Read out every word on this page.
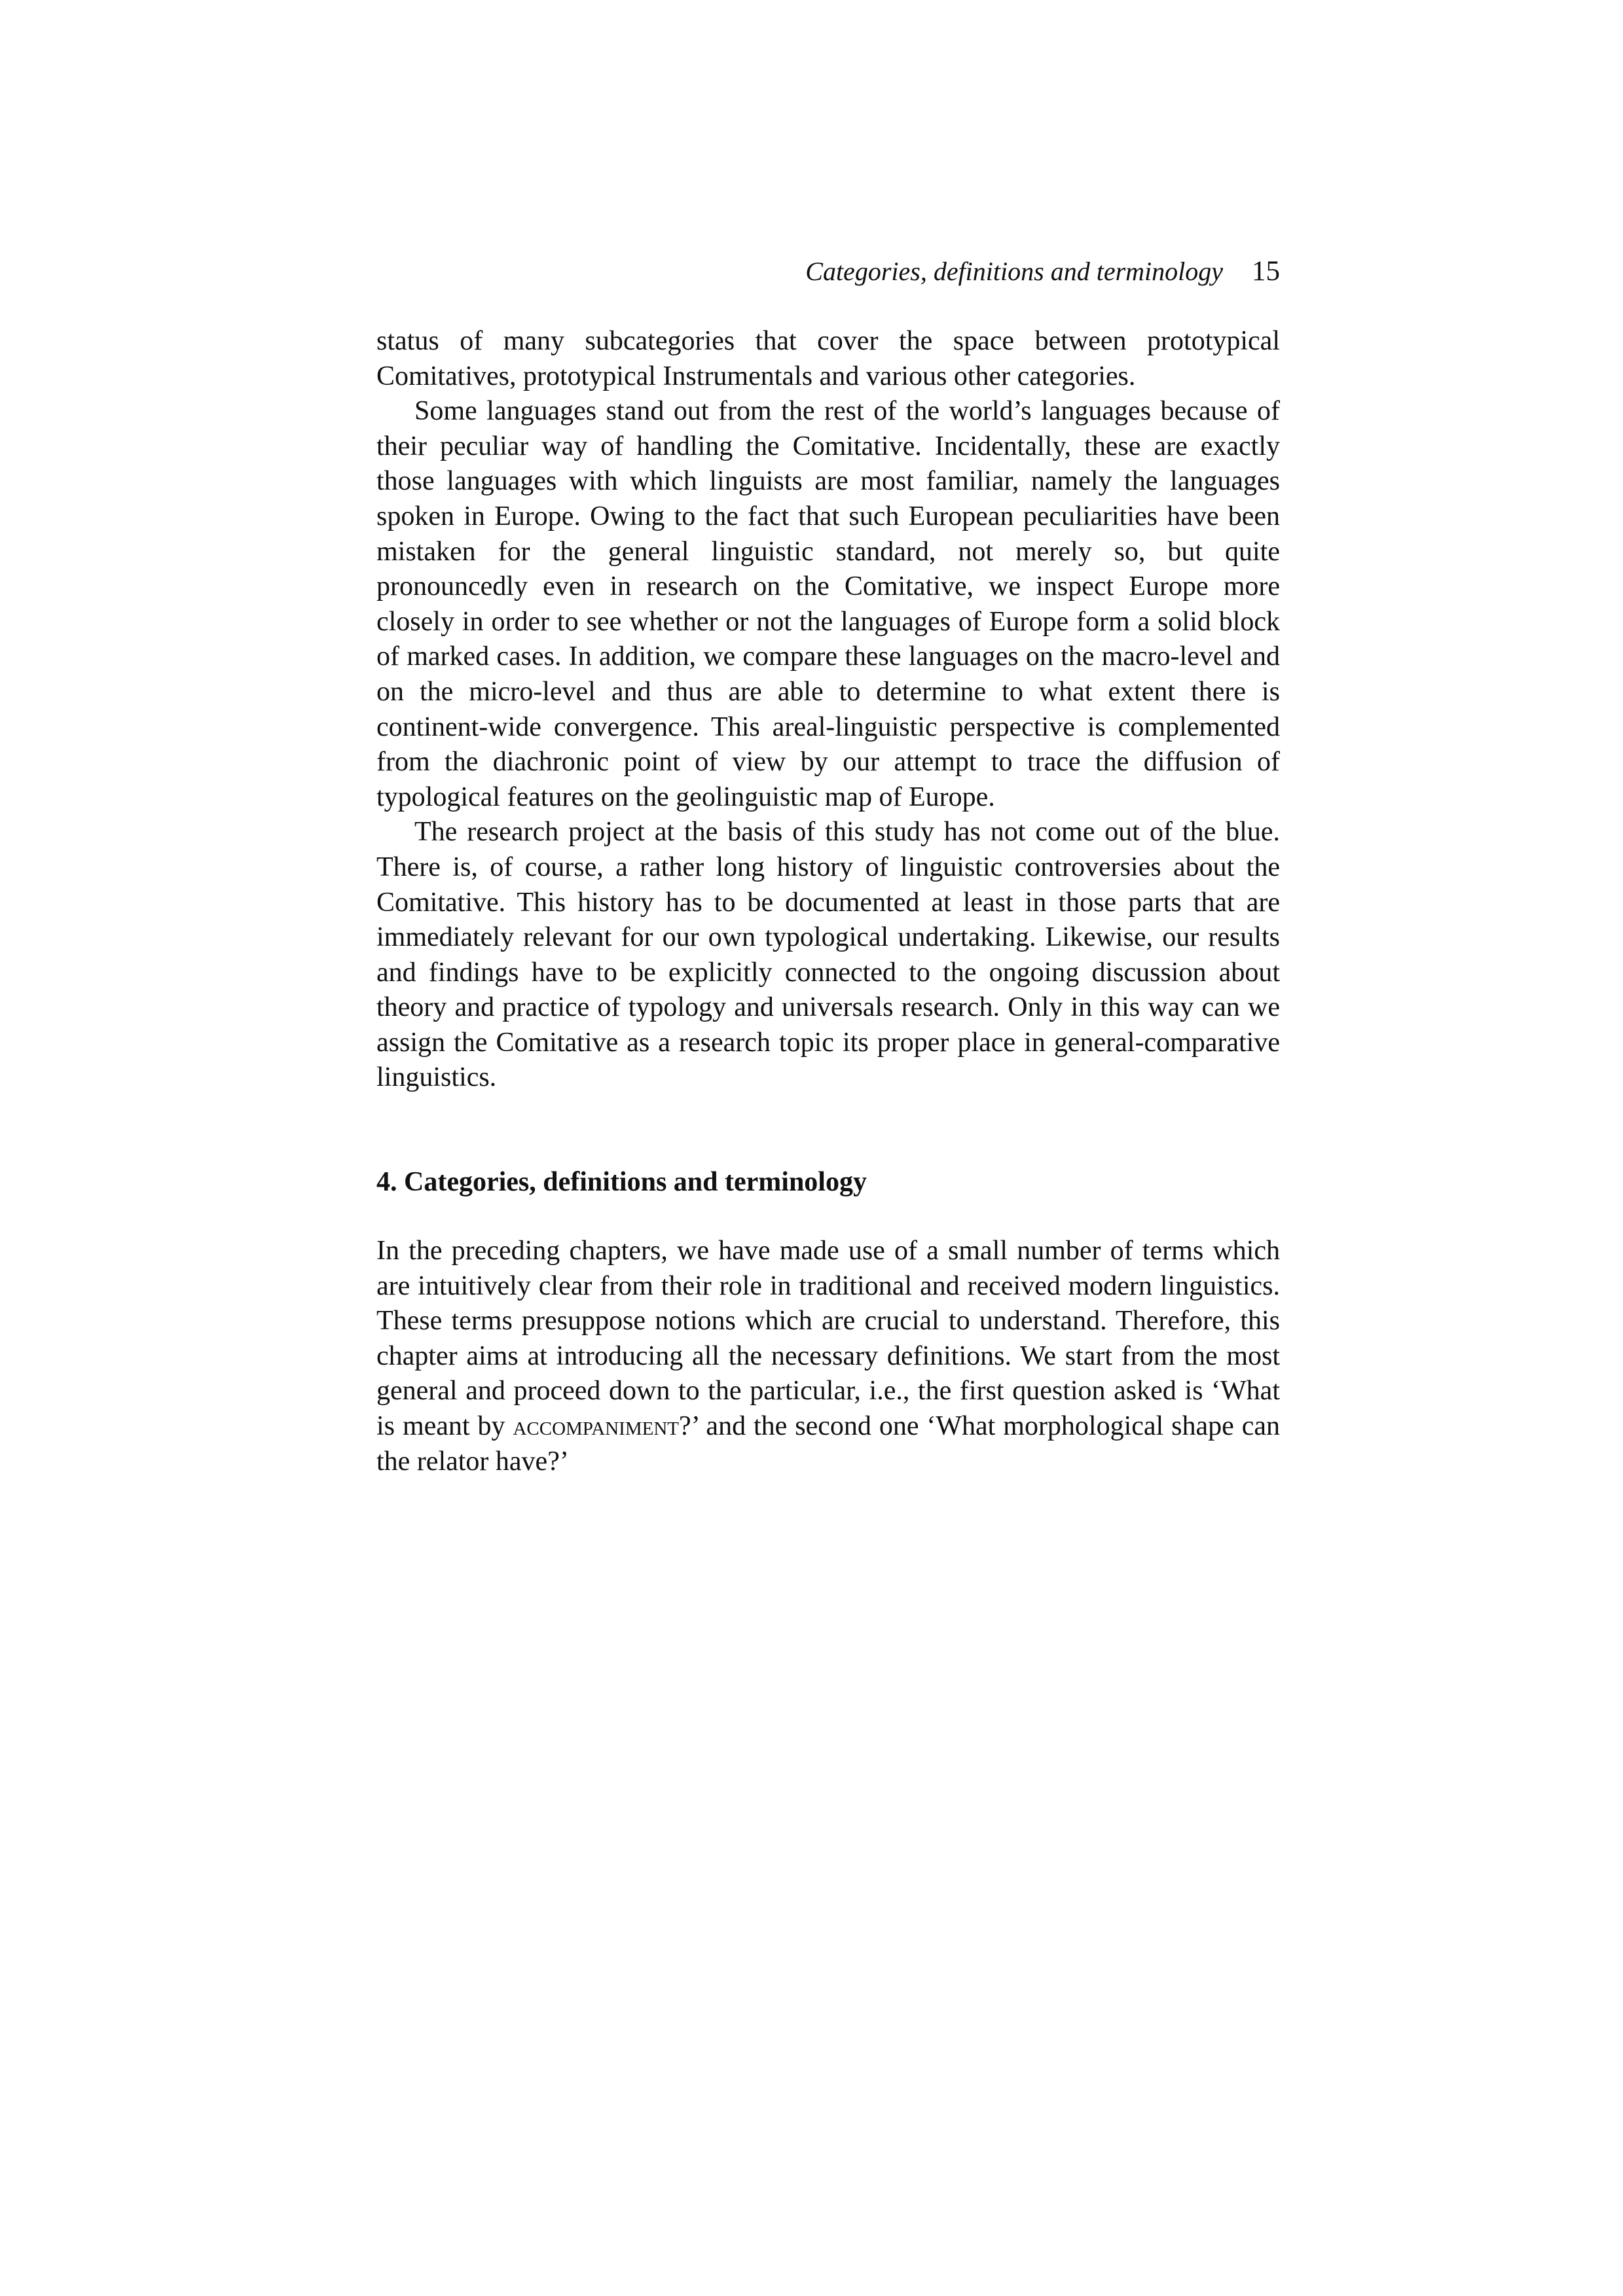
Categories, definitions and terminology 15

status of many subcategories that cover the space between prototypical Comitatives, prototypical Instrumentals and various other categories.

Some languages stand out from the rest of the world’s languages because of their peculiar way of handling the Comitative. Incidentally, these are exactly those languages with which linguists are most familiar, namely the languages spoken in Europe. Owing to the fact that such European peculiarities have been mistaken for the general linguistic standard, not merely so, but quite pronouncedly even in research on the Comitative, we inspect Europe more closely in order to see whether or not the languages of Europe form a solid block of marked cases. In addition, we compare these languages on the macro-level and on the micro-level and thus are able to determine to what extent there is continent-wide convergence. This areal-linguistic perspective is complemented from the diachronic point of view by our attempt to trace the diffusion of typological features on the geolinguistic map of Europe.

The research project at the basis of this study has not come out of the blue. There is, of course, a rather long history of linguistic controversies about the Comitative. This history has to be documented at least in those parts that are immediately relevant for our own typological undertaking. Likewise, our results and findings have to be explicitly connected to the ongoing discussion about theory and practice of typology and universals research. Only in this way can we assign the Comitative as a research topic its proper place in general-comparative linguistics.

4. Categories, definitions and terminology

In the preceding chapters, we have made use of a small number of terms which are intuitively clear from their role in traditional and received modern linguistics. These terms presuppose notions which are crucial to understand. Therefore, this chapter aims at introducing all the necessary definitions. We start from the most general and proceed down to the particular, i.e., the first question asked is ‘What is meant by accompaniment?’ and the second one ‘What morphological shape can the relator have?’
